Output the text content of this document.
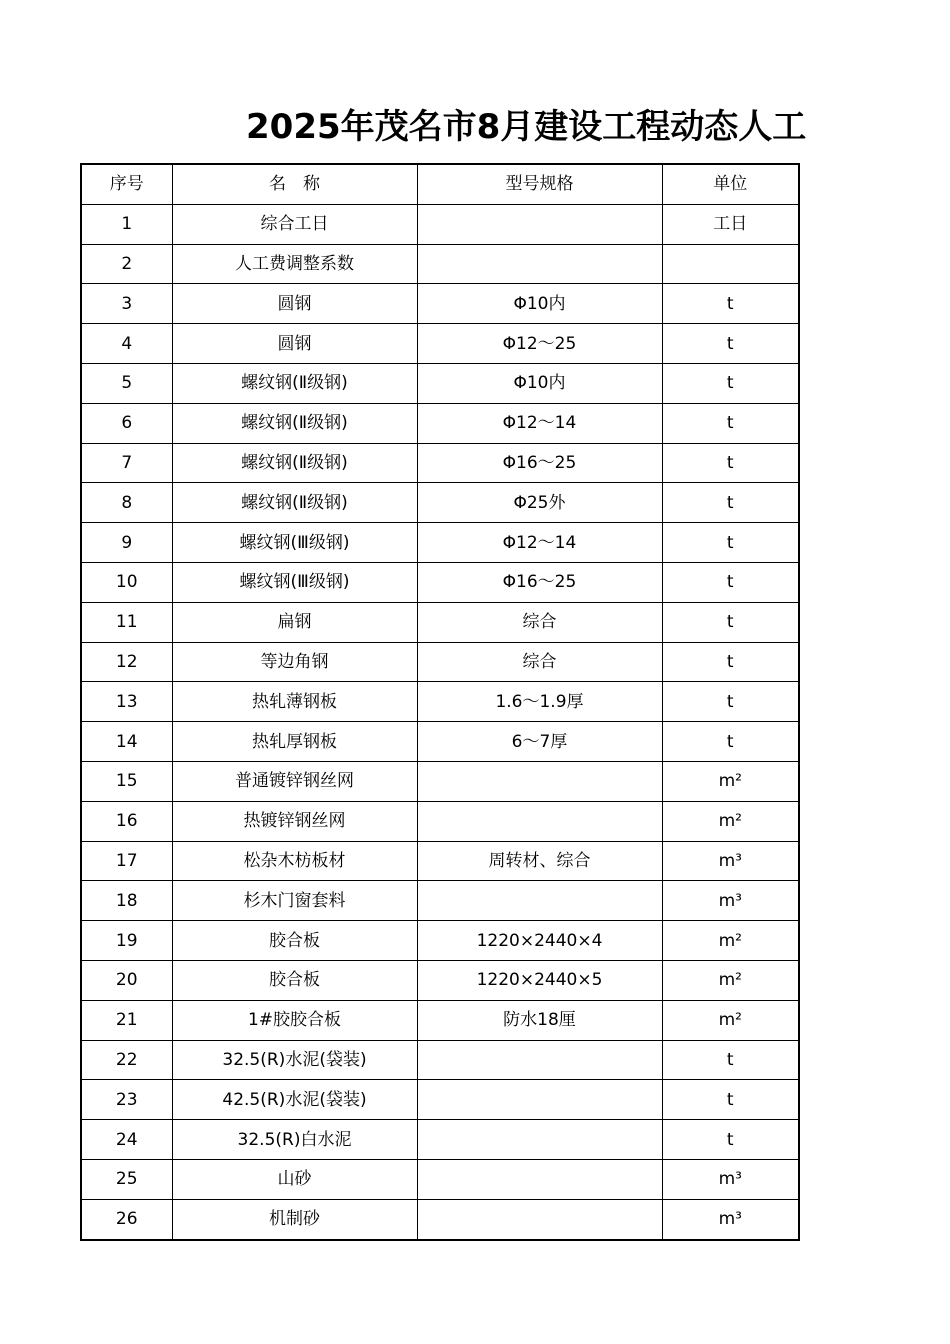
2025年茂名市8月建设工程动态人工
序号	名　称	型号规格	单位
1	综合工日		工日
2	人工费调整系数		
3	圆钢	Φ10内	t
4	圆钢	Φ12～25	t
5	螺纹钢(Ⅱ级钢)	Φ10内	t
6	螺纹钢(Ⅱ级钢)	Φ12～14	t
7	螺纹钢(Ⅱ级钢)	Φ16～25	t
8	螺纹钢(Ⅱ级钢)	Φ25外	t
9	螺纹钢(Ⅲ级钢)	Φ12～14	t
10	螺纹钢(Ⅲ级钢)	Φ16～25	t
11	扁钢	综合	t
12	等边角钢	综合	t
13	热轧薄钢板	1.6～1.9厚	t
14	热轧厚钢板	6～7厚	t
15	普通镀锌钢丝网		m²
16	热镀锌钢丝网		m²
17	松杂木枋板材	周转材、综合	m³
18	杉木门窗套料		m³
19	胶合板	1220×2440×4	m²
20	胶合板	1220×2440×5	m²
21	1#胶胶合板	防水18厘	m²
22	32.5(R)水泥(袋装)		t
23	42.5(R)水泥(袋装)		t
24	32.5(R)白水泥		t
25	山砂		m³
26	机制砂		m³
